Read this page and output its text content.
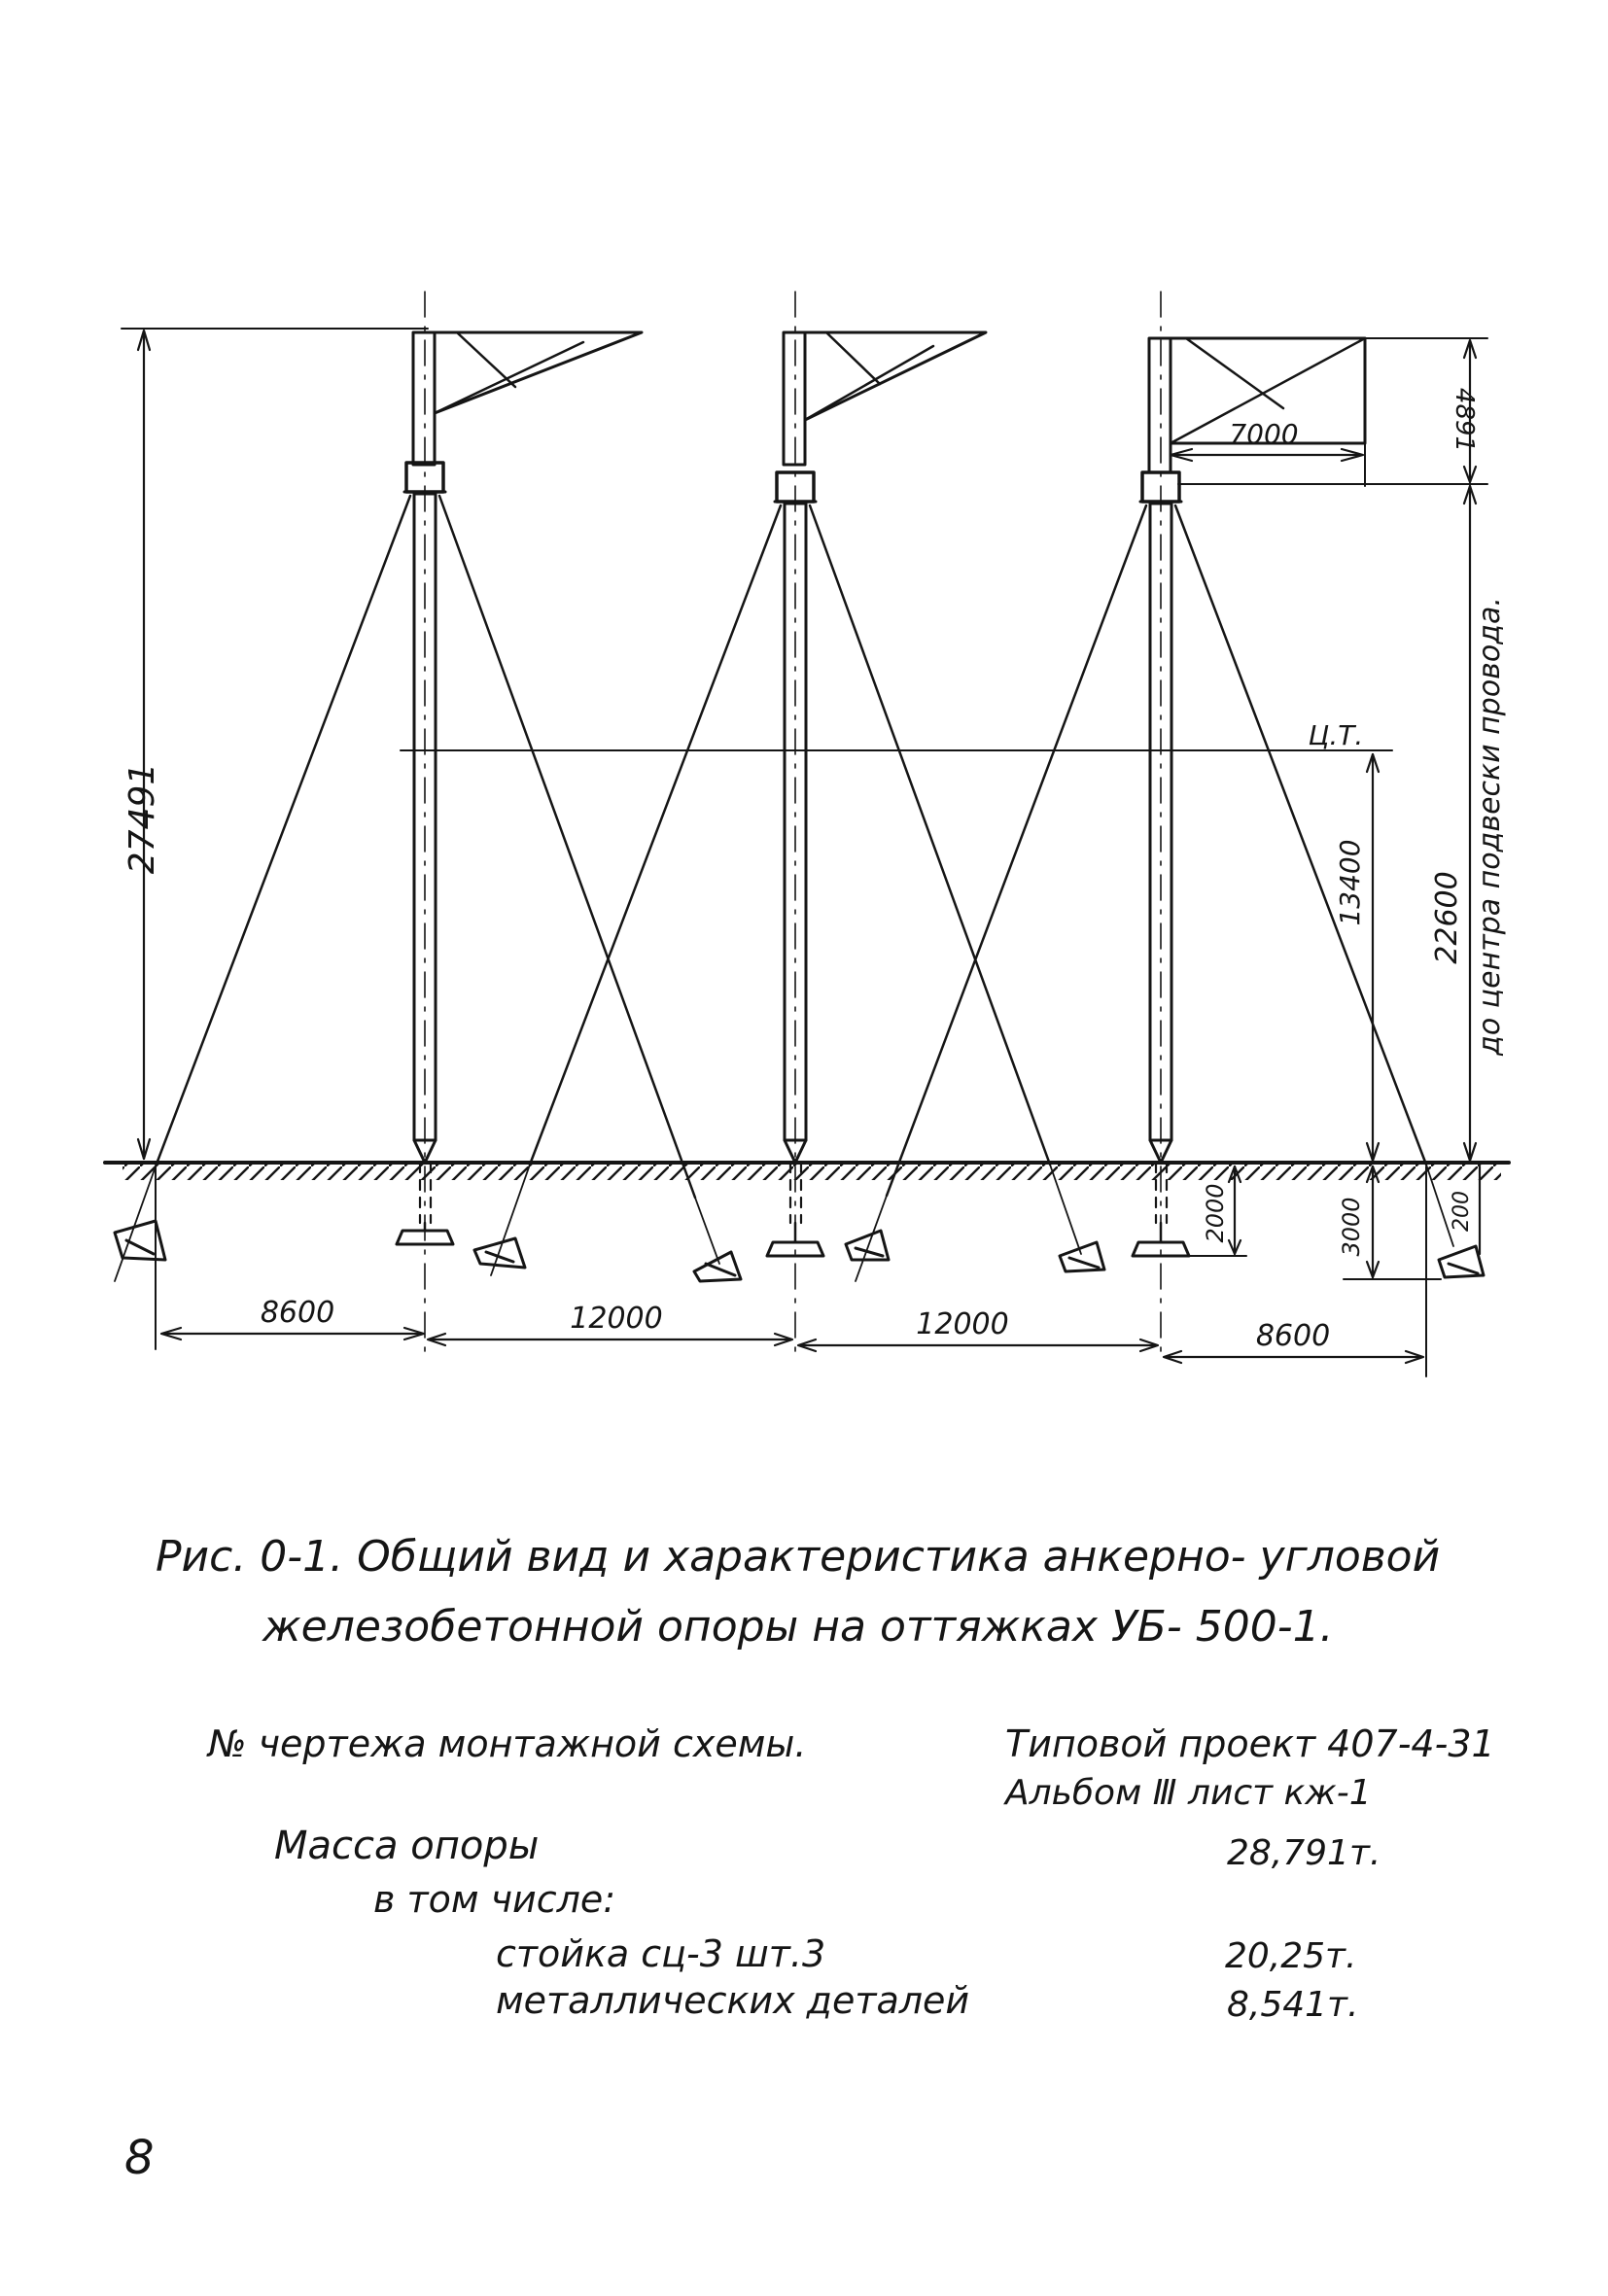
27491
7000	4891
22600 до центра подвески провода.
Ц.Т.
13400
2000	3000	200
8600	12000	12000	8600

Рис. 0-1. Общий вид и характеристика анкерно- угловой

железобетонной опоры на оттяжках УБ- 500-1.

№ чертежа монтажной схемы.	Типовой проект 407-4-31
Альбом Ⅲ лист кж-1
Масса опоры	28,791т.
в том числе:
стойка сц-3 шт.3	20,25т.
металлических деталей	8,541т.
8
